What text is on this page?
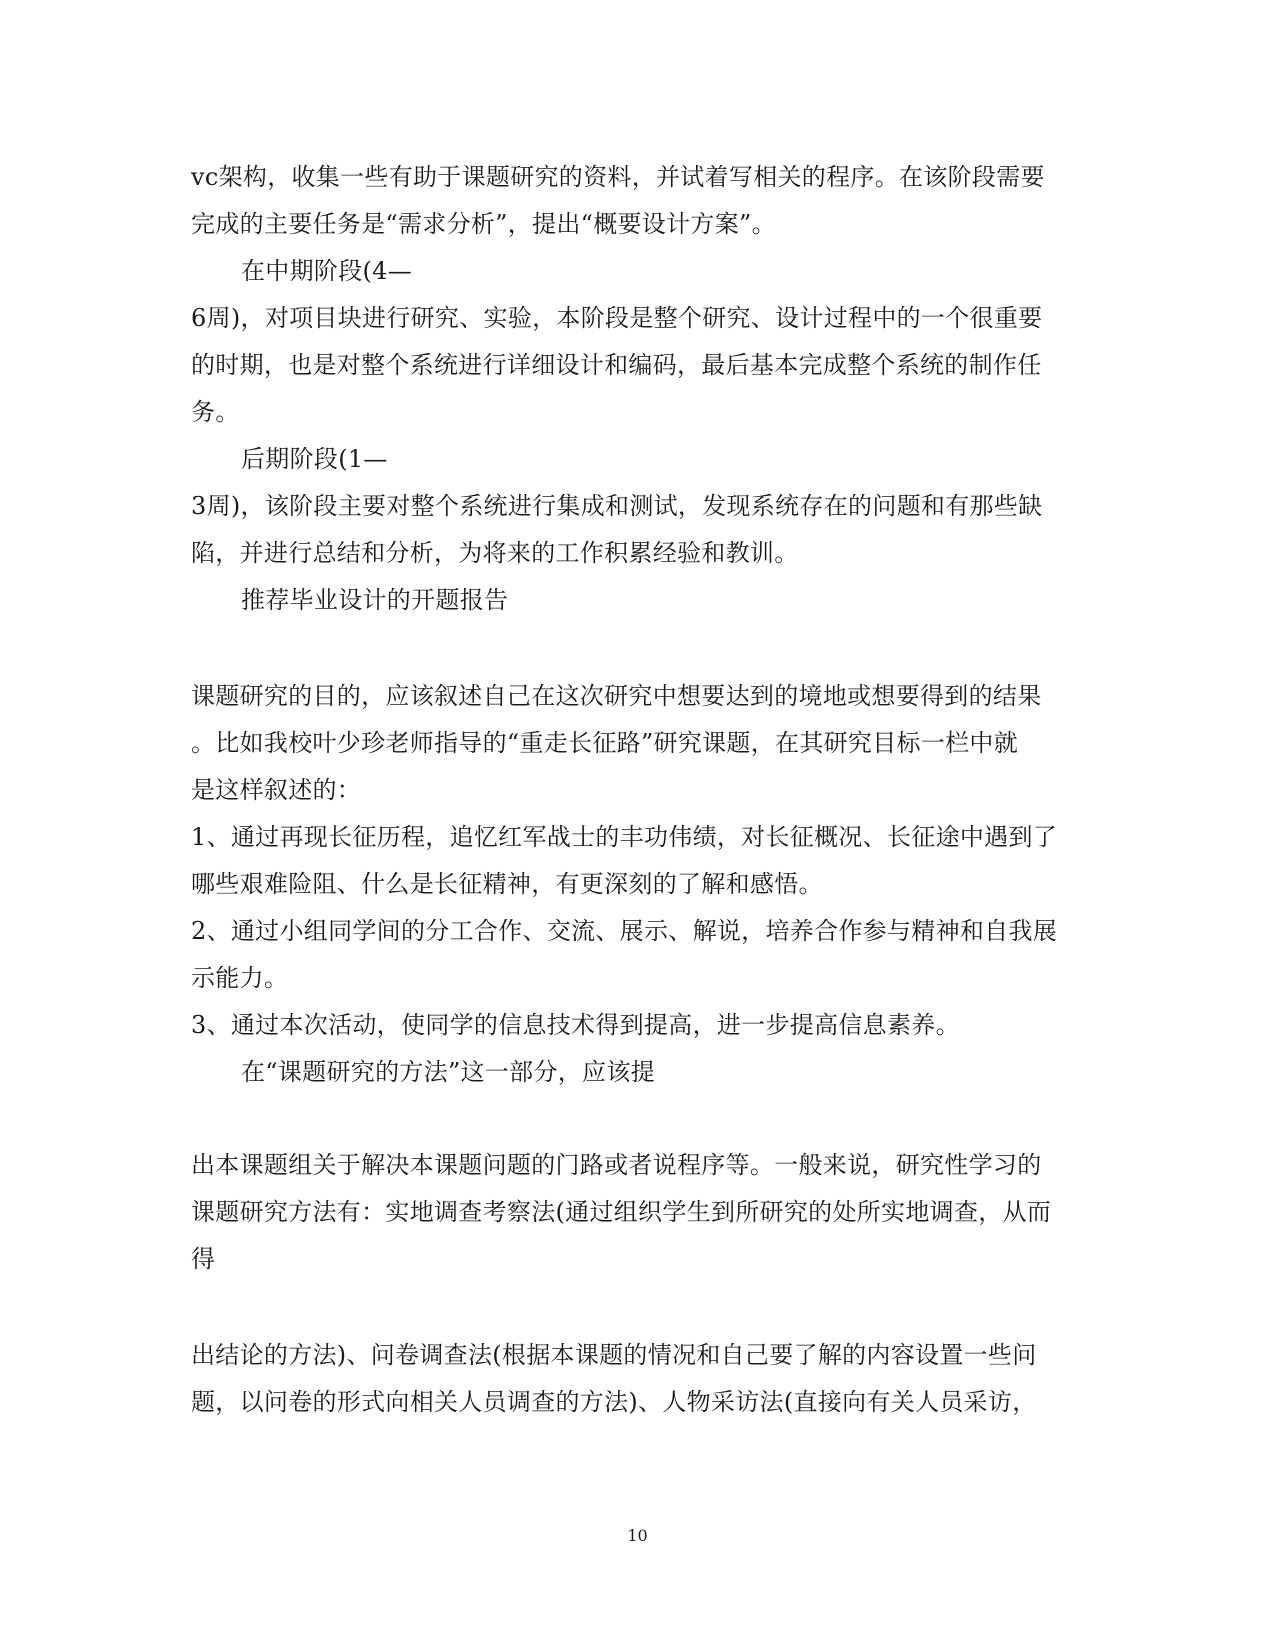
vc架构，收集一些有助于课题研究的资料，并试着写相关的程序。在该阶段需要
完成的主要任务是“需求分析”，提出“概要设计方案”。
在中期阶段(4—
6周)，对项目块进行研究、实验，本阶段是整个研究、设计过程中的一个很重要
的时期，也是对整个系统进行详细设计和编码，最后基本完成整个系统的制作任
务。
后期阶段(1—
3周)，该阶段主要对整个系统进行集成和测试，发现系统存在的问题和有那些缺
陷，并进行总结和分析，为将来的工作积累经验和教训。
推荐毕业设计的开题报告
课题研究的目的，应该叙述自己在这次研究中想要达到的境地或想要得到的结果
。比如我校叶少珍老师指导的“重走长征路”研究课题，在其研究目标一栏中就
是这样叙述的：
1、通过再现长征历程，追忆红军战士的丰功伟绩，对长征概况、长征途中遇到了
哪些艰难险阻、什么是长征精神，有更深刻的了解和感悟。
2、通过小组同学间的分工合作、交流、展示、解说，培养合作参与精神和自我展
示能力。
3、通过本次活动，使同学的信息技术得到提高，进一步提高信息素养。
在“课题研究的方法”这一部分，应该提
出本课题组关于解决本课题问题的门路或者说程序等。一般来说，研究性学习的
课题研究方法有：实地调查考察法(通过组织学生到所研究的处所实地调查，从而
得
出结论的方法)、问卷调查法(根据本课题的情况和自己要了解的内容设置一些问
题，以问卷的形式向相关人员调查的方法)、人物采访法(直接向有关人员采访，
10
